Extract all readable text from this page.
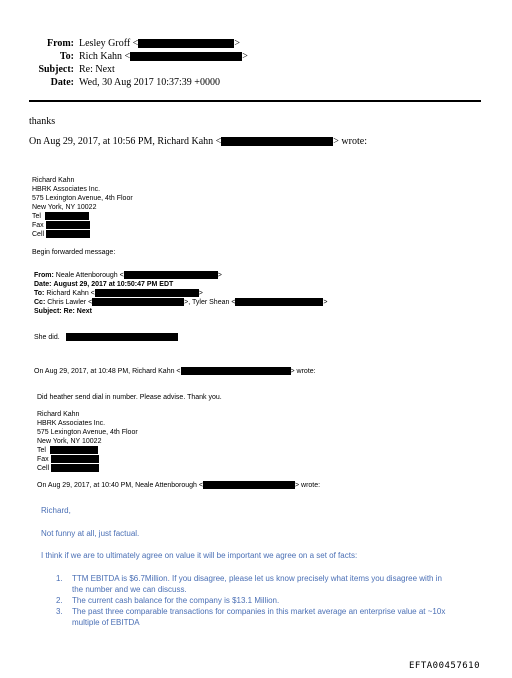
From: Lesley Groff <	>
To: Rich Kahn <	>
Subject: Re: Next
Date: Wed, 30 Aug 2017 10:37:39 +0000
thanks
On Aug 29, 2017, at 10:56 PM, Richard Kahn <	> wrote:
Richard Kahn
HBRK Associates Inc.
575 Lexington Avenue, 4th Floor
New York, NY 10022
Tel
Fax
Cell
Begin forwarded message:
From: Neale Attenborough <	>
Date: August 29, 2017 at 10:50:47 PM EDT
To: Richard Kahn <	>
Cc: Chris Lawler <	>, Tyler Shean <	>
Subject: Re: Next
She did.
On Aug 29, 2017, at 10:48 PM, Richard Kahn <	> wrote:
Did heather send dial in number. Please advise. Thank you.
Richard Kahn
HBRK Associates Inc.
575 Lexington Avenue, 4th Floor
New York, NY 10022
Tel
Fax
Cell
On Aug 29, 2017, at 10:40 PM, Neale Attenborough <	> wrote:
Richard,
Not funny at all, just factual.
I think if we are to ultimately agree on value it will be important we agree on a set of facts:
1. TTM EBITDA is $6.7Million. If you disagree, please let us know precisely what items you disagree with in
the number and we can discuss.
2. The current cash balance for the company is $13.1 Million.
3. The past three comparable transactions for companies in this market average an enterprise value at ~10x
multiple of EBITDA
EFTA00457610
